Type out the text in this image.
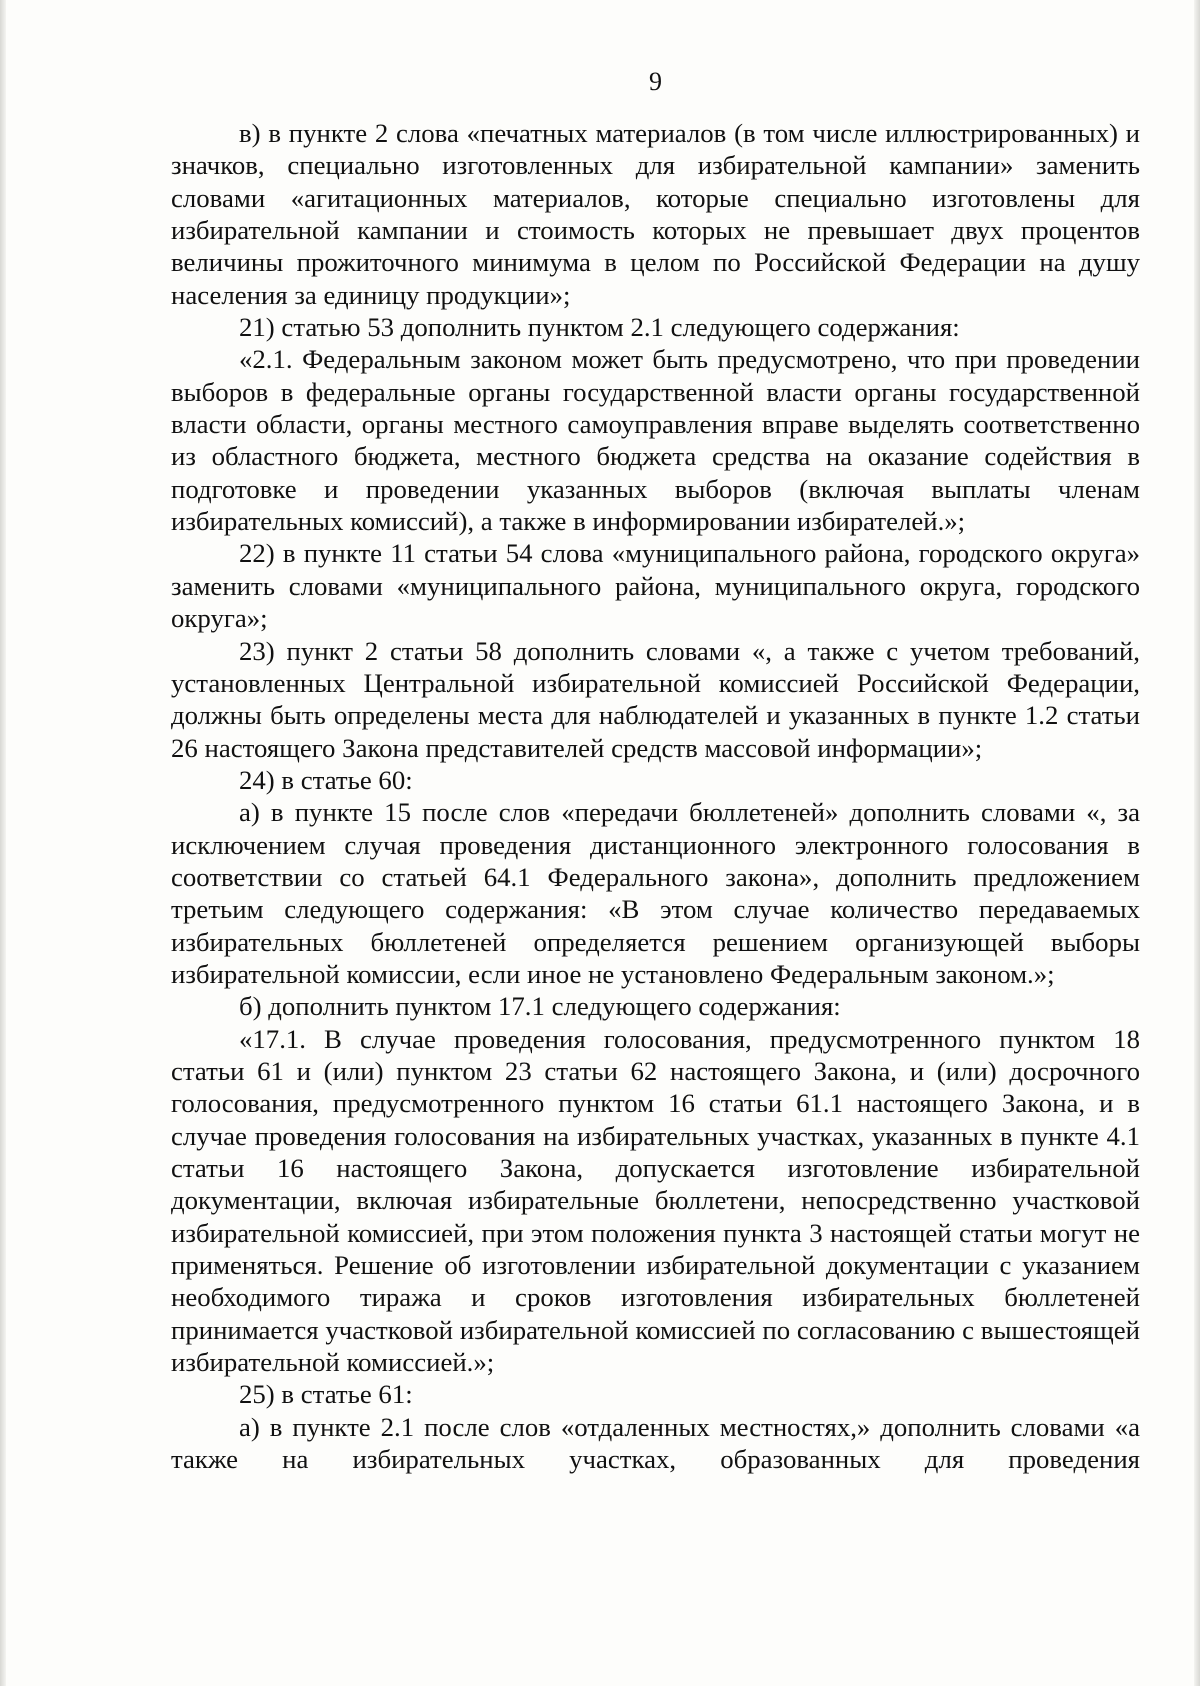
9

в) в пункте 2 слова «печатных материалов (в том числе иллюстрированных) и значков, специально изготовленных для избирательной кампании» заменить словами «агитационных материалов, которые специально изготовлены для избирательной кампании и стоимость которых не превышает двух процентов величины прожиточного минимума в целом по Российской Федерации на душу населения за единицу продукции»;

21) статью 53 дополнить пунктом 2.1 следующего содержания:

«2.1. Федеральным законом может быть предусмотрено, что при проведении выборов в федеральные органы государственной власти органы государственной власти области, органы местного самоуправления вправе выделять соответственно из областного бюджета, местного бюджета средства на оказание содействия в подготовке и проведении указанных выборов (включая выплаты членам избирательных комиссий), а также в информировании избирателей.»;

22) в пункте 11 статьи 54 слова «муниципального района, городского округа» заменить словами «муниципального района, муниципального округа, городского округа»;

23) пункт 2 статьи 58 дополнить словами «, а также с учетом требований, установленных Центральной избирательной комиссией Российской Федерации, должны быть определены места для наблюдателей и указанных в пункте 1.2 статьи 26 настоящего Закона представителей средств массовой информации»;

24) в статье 60:

а) в пункте 15 после слов «передачи бюллетеней» дополнить словами «, за исключением случая проведения дистанционного электронного голосования в соответствии со статьей 64.1 Федерального закона», дополнить предложением третьим следующего содержания: «В этом случае количество передаваемых избирательных бюллетеней определяется решением организующей выборы избирательной комиссии, если иное не установлено Федеральным законом.»;

б) дополнить пунктом 17.1 следующего содержания:

«17.1. В случае проведения голосования, предусмотренного пунктом 18 статьи 61 и (или) пунктом 23 статьи 62 настоящего Закона, и (или) досрочного голосования, предусмотренного пунктом 16 статьи 61.1 настоящего Закона, и в случае проведения голосования на избирательных участках, указанных в пункте 4.1 статьи 16 настоящего Закона, допускается изготовление избирательной документации, включая избирательные бюллетени, непосредственно участковой избирательной комиссией, при этом положения пункта 3 настоящей статьи могут не применяться. Решение об изготовлении избирательной документации с указанием необходимого тиража и сроков изготовления избирательных бюллетеней принимается участковой избирательной комиссией по согласованию с вышестоящей избирательной комиссией.»;

25) в статье 61:

а) в пункте 2.1 после слов «отдаленных местностях,» дополнить словами «а также на избирательных участках, образованных для проведения
